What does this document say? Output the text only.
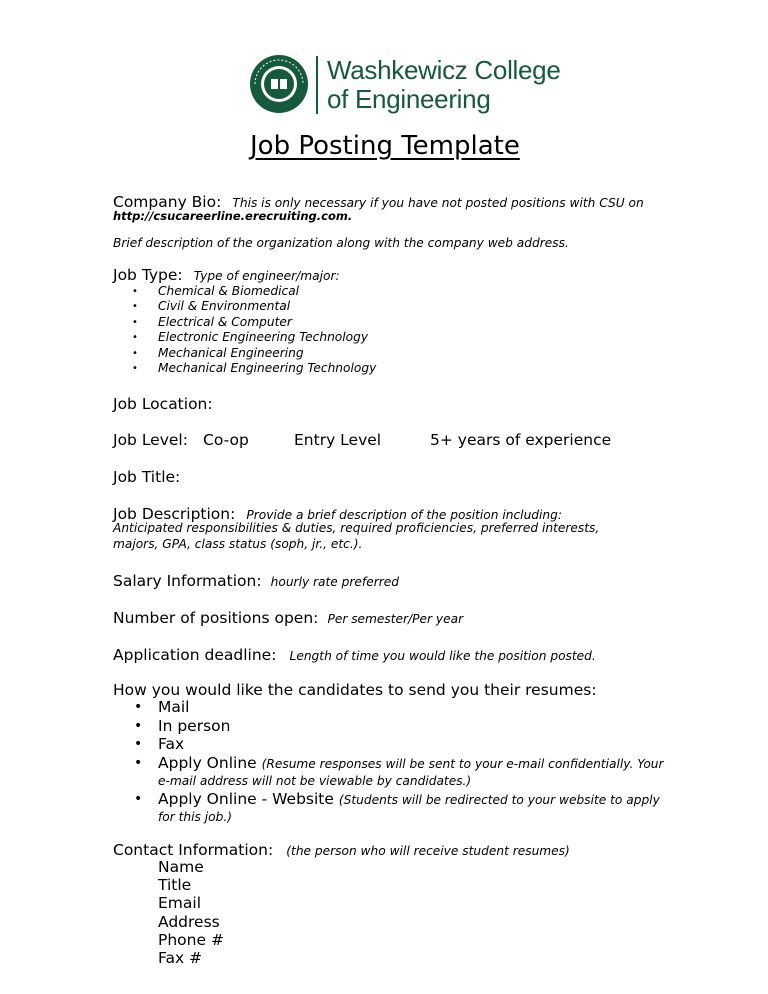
Washkewicz College
of Engineering
Job Posting Template
Company Bio: This is only necessary if you have not posted positions with CSU on
http://csucareerline.erecruiting.com.
Brief description of the organization along with the company web address.
Job Type: Type of engineer/major:
• Chemical & Biomedical
• Civil & Environmental
• Electrical & Computer
• Electronic Engineering Technology
• Mechanical Engineering
• Mechanical Engineering Technology
Job Location:
Job Level: Co-op	Entry Level	5+ years of experience
Job Title:
Job Description: Provide a brief description of the position including:
Anticipated responsibilities & duties, required proficiencies, preferred interests,
majors, GPA, class status (soph, jr., etc.).
Salary Information: hourly rate preferred
Number of positions open: Per semester/Per year
Application deadline: Length of time you would like the position posted.
How you would like the candidates to send you their resumes:
• Mail
• In person
• Fax
• Apply Online (Resume responses will be sent to your e-mail confidentially. Your e-mail address will not be viewable by candidates.)
• Apply Online - Website (Students will be redirected to your website to apply for this job.)
Contact Information: (the person who will receive student resumes)
Name
Title
Email
Address
Phone #
Fax #
